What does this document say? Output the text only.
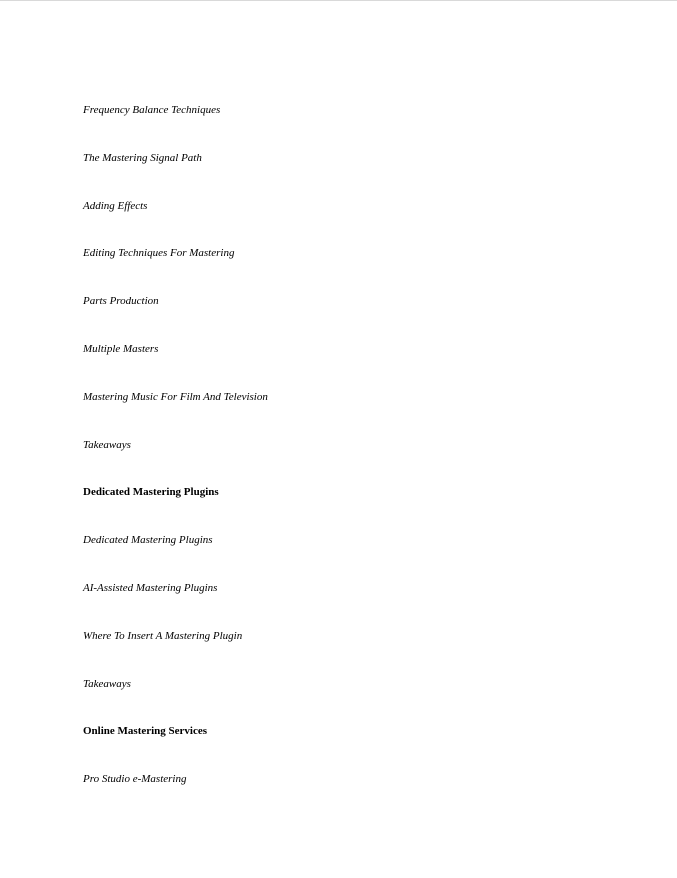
Frequency Balance Techniques
The Mastering Signal Path
Adding Effects
Editing Techniques For Mastering
Parts Production
Multiple Masters
Mastering Music For Film And Television
Takeaways
Dedicated Mastering Plugins
Dedicated Mastering Plugins
AI-Assisted Mastering Plugins
Where To Insert A Mastering Plugin
Takeaways
Online Mastering Services
Pro Studio e-Mastering
